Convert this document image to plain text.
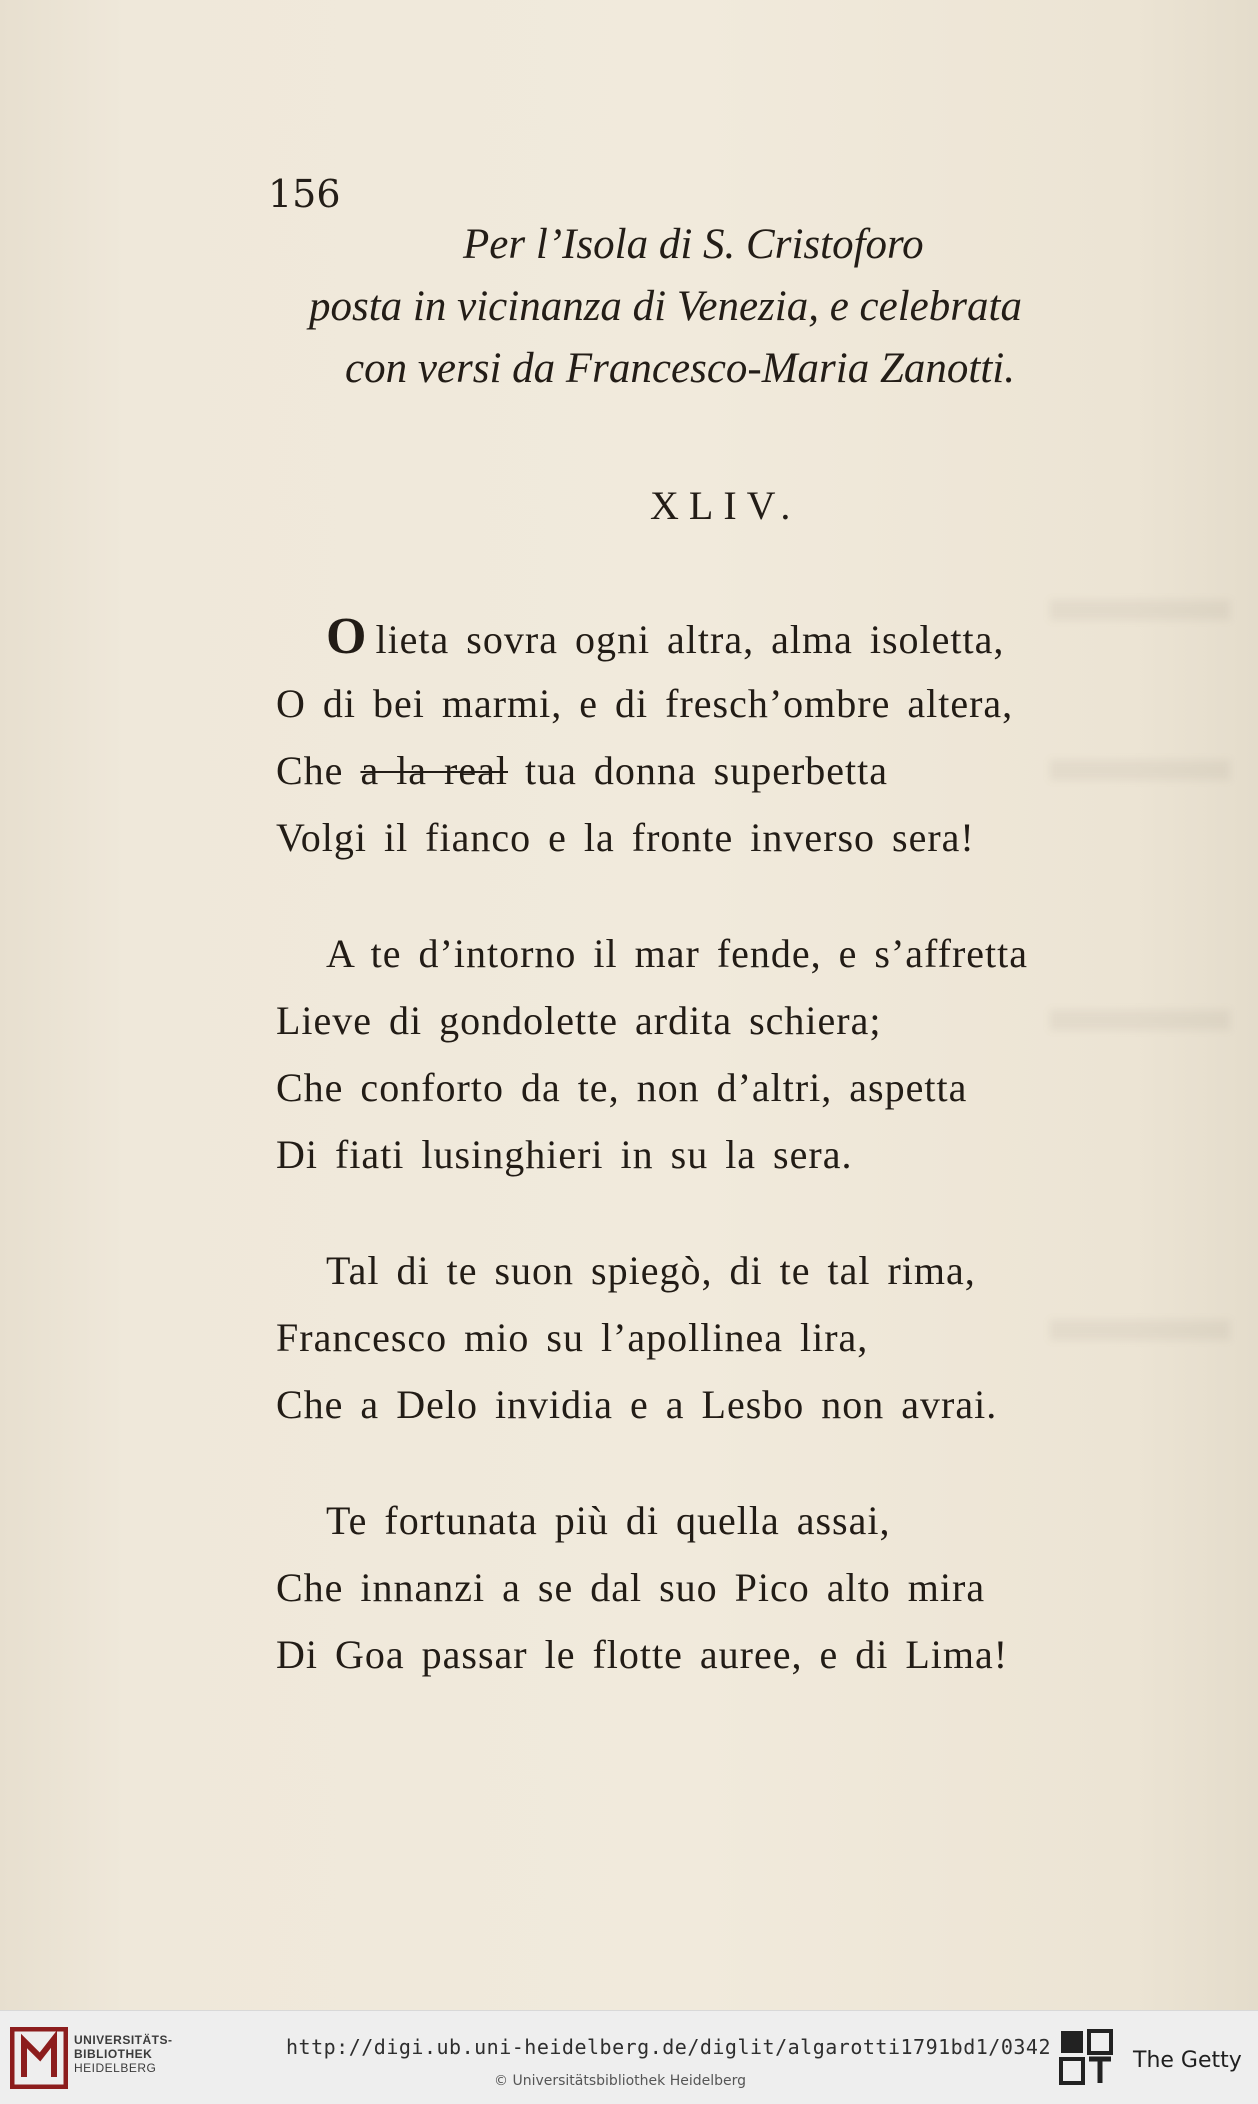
156
Per l’Isola di S. Cristoforo
posta in vicinanza di Venezia, e celebrata
con versi da Francesco-Maria Zanotti.
XLIV.
O lieta sovra ogni altra, alma isoletta,
O di bei marmi, e di fresch’ombre altera,
Che a la real tua donna superbetta
Volgi il fianco e la fronte inverso sera!
A te d’intorno il mar fende, e s’affretta
Lieve di gondolette ardita schiera;
Che conforto da te, non d’altri, aspetta
Di fiati lusinghieri in su la sera.
Tal di te suon spiegò, di te tal rima,
Francesco mio su l’apollinea lira,
Che a Delo invidia e a Lesbo non avrai.
Te fortunata più di quella assai,
Che innanzi a se dal suo Pico alto mira
Di Goa passar le flotte auree, e di Lima!
UNIVERSITÄTS-
BIBLIOTHEK
HEIDELBERG
http://digi.ub.uni-heidelberg.de/diglit/algarotti1791bd1/0342
© Universitätsbibliothek Heidelberg
The Getty
